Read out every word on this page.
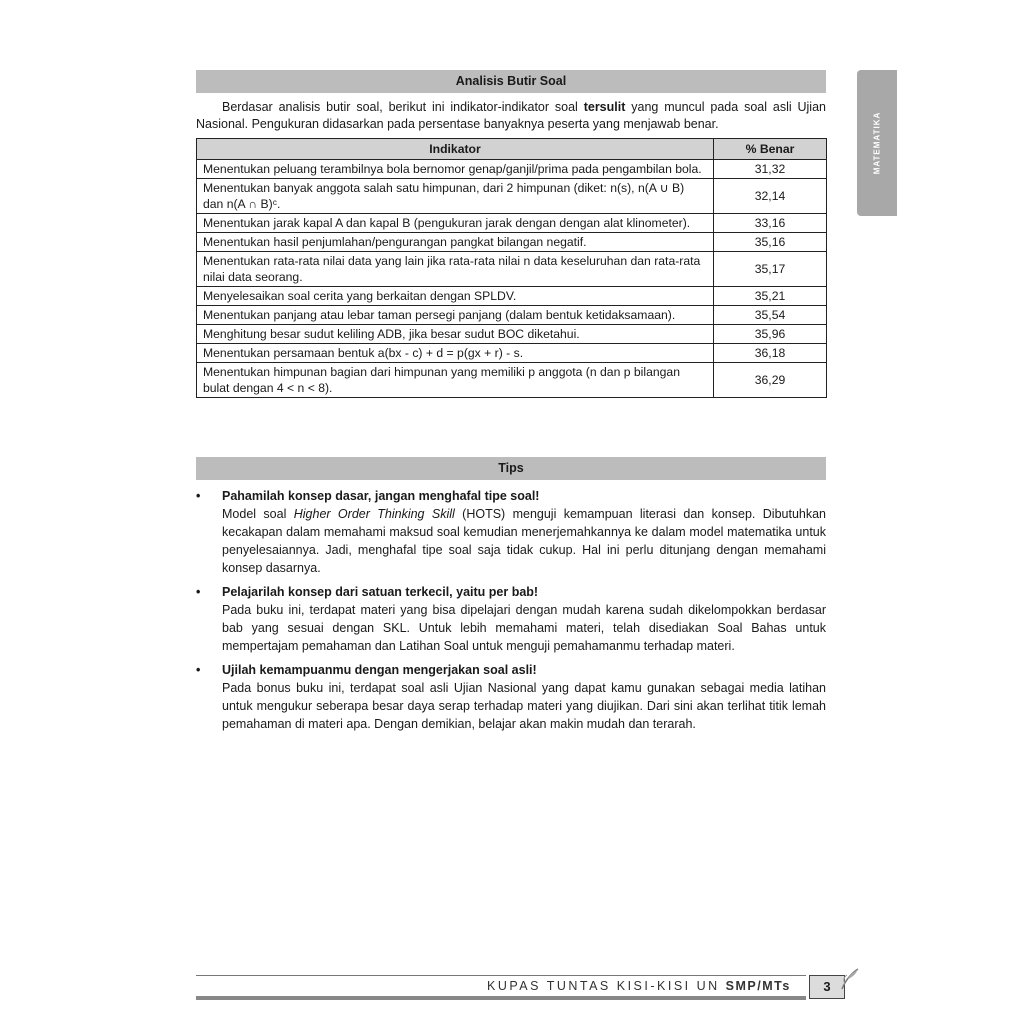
Analisis Butir Soal

Berdasar analisis butir soal, berikut ini indikator-indikator soal tersulit yang muncul pada soal asli Ujian Nasional. Pengukuran didasarkan pada persentase banyaknya peserta yang menjawab benar.

Indikator	% Benar
Menentukan peluang terambilnya bola bernomor genap/ganjil/prima pada pengambilan bola.	31,32
Menentukan banyak anggota salah satu himpunan, dari 2 himpunan (diket: n(s), n(A ∪ B) dan n(A ∩ B)ᶜ.	32,14
Menentukan jarak kapal A dan kapal B (pengukuran jarak dengan dengan alat klinometer).	33,16
Menentukan hasil penjumlahan/pengurangan pangkat bilangan negatif.	35,16
Menentukan rata-rata nilai data yang lain jika rata-rata nilai n data keseluruhan dan rata-rata nilai data seorang.	35,17
Menyelesaikan soal cerita yang berkaitan dengan SPLDV.	35,21
Menentukan panjang atau lebar taman persegi panjang (dalam bentuk ketidaksamaan).	35,54
Menghitung besar sudut keliling ADB, jika besar sudut BOC diketahui.	35,96
Menentukan persamaan bentuk a(bx - c) + d = p(gx + r) - s.	36,18
Menentukan himpunan bagian dari himpunan yang memiliki p anggota (n dan p bilangan bulat dengan 4 < n < 8).	36,29
Tips
• Pahamilah konsep dasar, jangan menghafal tipe soal!
Model soal Higher Order Thinking Skill (HOTS) menguji kemampuan literasi dan konsep. Dibutuhkan kecakapan dalam memahami maksud soal kemudian menerjemahkannya ke dalam model matematika untuk penyelesaiannya. Jadi, menghafal tipe soal saja tidak cukup. Hal ini perlu ditunjang dengan memahami konsep dasarnya.
• Pelajarilah konsep dari satuan terkecil, yaitu per bab!
Pada buku ini, terdapat materi yang bisa dipelajari dengan mudah karena sudah dikelompokkan berdasar bab yang sesuai dengan SKL. Untuk lebih memahami materi, telah disediakan Soal Bahas untuk mempertajam pemahaman dan Latihan Soal untuk menguji pemahamanmu terhadap materi.
• Ujilah kemampuanmu dengan mengerjakan soal asli!
Pada bonus buku ini, terdapat soal asli Ujian Nasional yang dapat kamu gunakan sebagai media latihan untuk mengukur seberapa besar daya serap terhadap materi yang diujikan. Dari sini akan terlihat titik lemah pemahaman di materi apa. Dengan demikian, belajar akan makin mudah dan terarah.
MATEMATIKA
KUPAS TUNTAS KISI-KISI UN SMP/MTs	3
